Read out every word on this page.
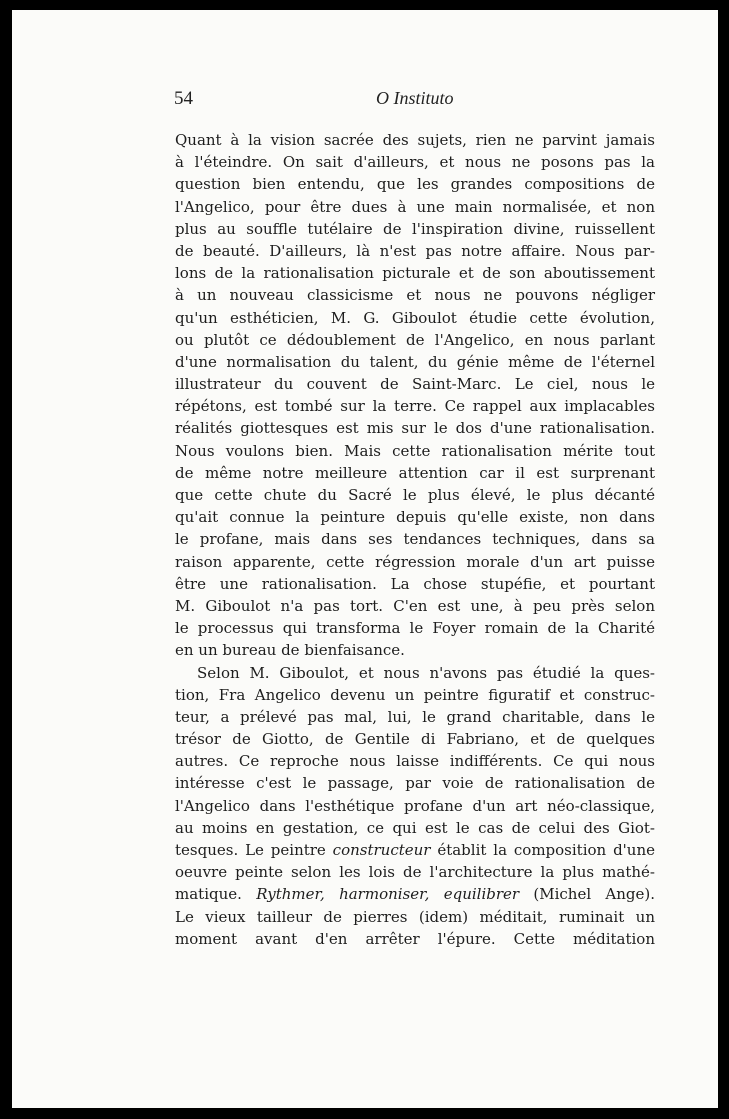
54	O Instituto
Quant à la vision sacrée des sujets, rien ne parvint jamais
à l'éteindre. On sait d'ailleurs, et nous ne posons pas la
question bien entendu, que les grandes compositions de
l'Angelico, pour être dues à une main normalisée, et non
plus au souffle tutélaire de l'inspiration divine, ruissellent
de beauté. D'ailleurs, là n'est pas notre affaire. Nous par-
lons de la rationalisation picturale et de son aboutissement
à un nouveau classicisme et nous ne pouvons négliger
qu'un esthéticien, M. G. Giboulot étudie cette évolution,
ou plutôt ce dédoublement de l'Angelico, en nous parlant
d'une normalisation du talent, du génie même de l'éternel
illustrateur du couvent de Saint-Marc. Le ciel, nous le
répétons, est tombé sur la terre. Ce rappel aux implacables
réalités giottesques est mis sur le dos d'une rationalisation.
Nous voulons bien. Mais cette rationalisation mérite tout
de même notre meilleure attention car il est surprenant
que cette chute du Sacré le plus élevé, le plus décanté
qu'ait connue la peinture depuis qu'elle existe, non dans
le profane, mais dans ses tendances techniques, dans sa
raison apparente, cette régression morale d'un art puisse
être une rationalisation. La chose stupéfie, et pourtant
M. Giboulot n'a pas tort. C'en est une, à peu près selon
le processus qui transforma le Foyer romain de la Charité
en un bureau de bienfaisance.
Selon M. Giboulot, et nous n'avons pas étudié la ques-
tion, Fra Angelico devenu un peintre figuratif et construc-
teur, a prélevé pas mal, lui, le grand charitable, dans le
trésor de Giotto, de Gentile di Fabriano, et de quelques
autres. Ce reproche nous laisse indifférents. Ce qui nous
intéresse c'est le passage, par voie de rationalisation de
l'Angelico dans l'esthétique profane d'un art néo-classique,
au moins en gestation, ce qui est le cas de celui des Giot-
tesques. Le peintre constructeur établit la composition d'une
oeuvre peinte selon les lois de l'architecture la plus mathé-
matique. Rythmer, harmoniser, equilibrer (Michel Ange).
Le vieux tailleur de pierres (idem) méditait, ruminait un
moment avant d'en arrêter l'épure. Cette méditation
